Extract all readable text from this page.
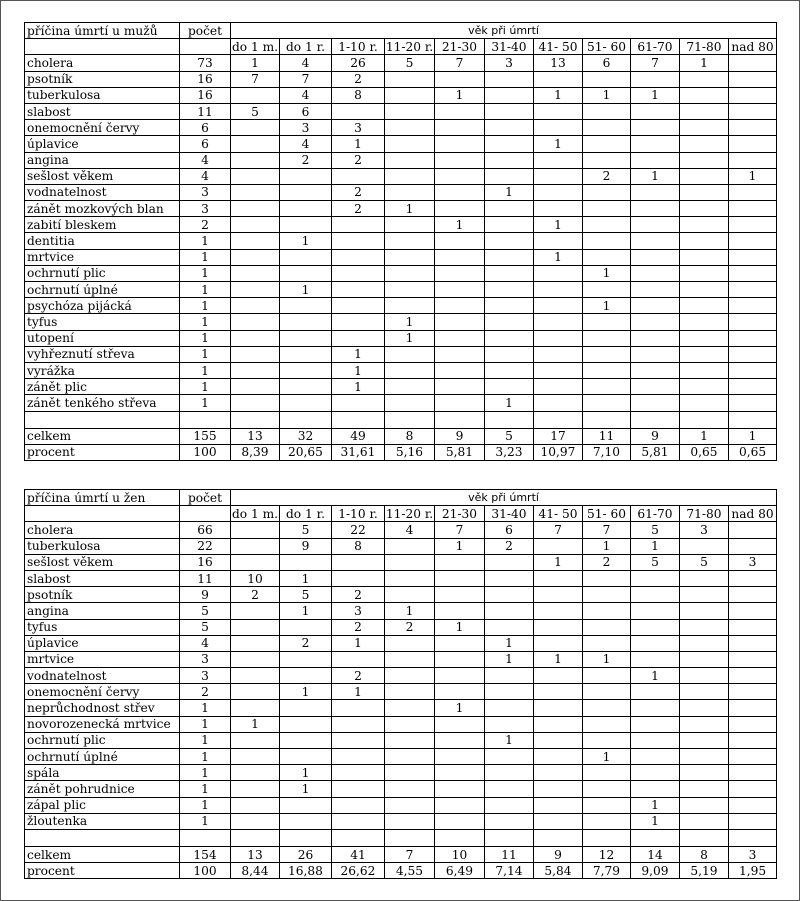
příčina úmrtí u mužů	počet	věk při úmrtí										
		do 1 m.	do 1 r.	1-10 r.	11-20 r.	21-30	31-40	41- 50	51- 60	61-70	71-80	nad 80
cholera	73	1	4	26	5	7	3	13	6	7	1	
psotník	16	7	7	2								
tuberkulosa	16		4	8		1		1	1	1		
slabost	11	5	6									
onemocnění červy	6		3	3								
úplavice	6		4	1				1				
angina	4		2	2								
sešlost věkem	4								2	1		1
vodnatelnost	3			2			1					
zánět mozkových blan	3			2	1							
zabití bleskem	2					1		1				
dentitia	1		1									
mrtvice	1							1				
ochrnutí plic	1								1			
ochrnutí úplné	1		1									
psychóza pijácká	1								1			
tyfus	1				1							
utopení	1				1							
vyhřeznutí střeva	1			1								
vyrážka	1			1								
zánět plic	1			1								
zánět tenkého střeva	1						1					

celkem	155	13	32	49	8	9	5	17	11	9	1	1
procent	100	8,39	20,65	31,61	5,16	5,81	3,23	10,97	7,10	5,81	0,65	0,65
příčina úmrtí u žen	počet	věk při úmrtí										
		do 1 m.	do 1 r.	1-10 r.	11-20 r.	21-30	31-40	41- 50	51- 60	61-70	71-80	nad 80
cholera	66		5	22	4	7	6	7	7	5	3	
tuberkulosa	22		9	8		1	2		1	1		
sešlost věkem	16							1	2	5	5	3
slabost	11	10	1									
psotník	9	2	5	2								
angina	5		1	3	1							
tyfus	5			2	2	1						
úplavice	4		2	1			1					
mrtvice	3						1	1	1			
vodnatelnost	3			2						1		
onemocnění červy	2		1	1								
neprůchodnost střev	1					1						
novorozenecká mrtvice	1	1										
ochrnutí plic	1						1					
ochrnutí úplné	1								1			
spála	1		1									
zánět pohrudnice	1		1									
zápal plic	1									1		
žloutenka	1									1		

celkem	154	13	26	41	7	10	11	9	12	14	8	3
procent	100	8,44	16,88	26,62	4,55	6,49	7,14	5,84	7,79	9,09	5,19	1,95
